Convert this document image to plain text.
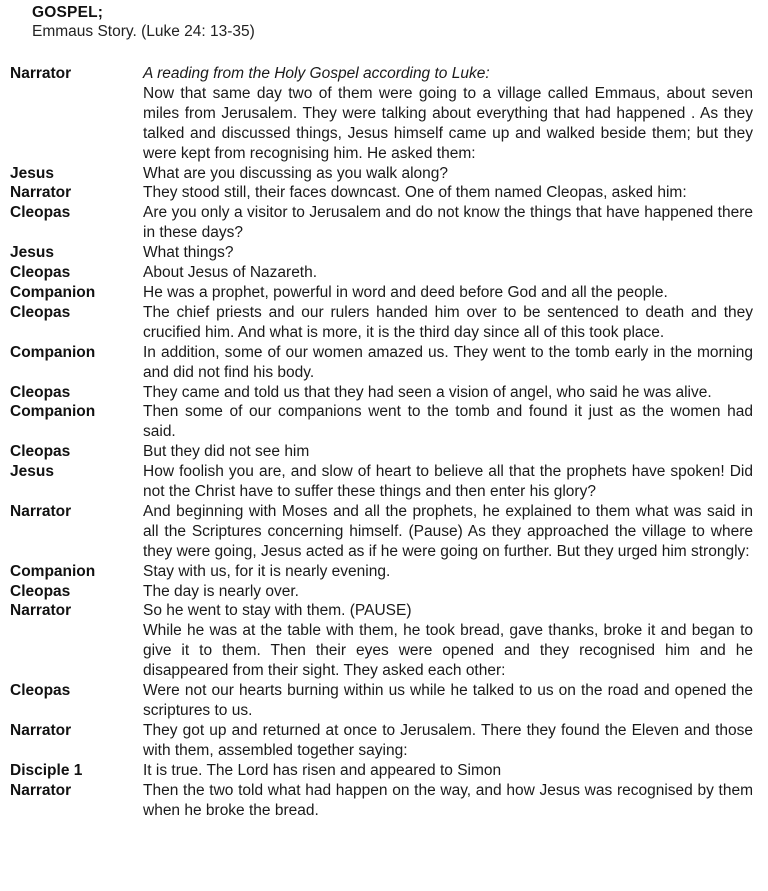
GOSPEL;
Emmaus Story. (Luke 24: 13-35)
Narrator	A reading from the Holy Gospel according to Luke:
Now that same day two of them were going to a village called Emmaus, about seven miles from Jerusalem. They were talking about everything that had happened . As they talked and discussed things, Jesus himself came up and walked beside them; but they were kept from recognising him. He asked them:
Jesus	What are you discussing as you walk along?
Narrator	They stood still, their faces downcast. One of them named Cleopas, asked him:
Cleopas	Are you only a visitor to Jerusalem and do not know the things that have happened there in these days?
Jesus	What things?
Cleopas	About Jesus of Nazareth.
Companion	He was a prophet, powerful in word and deed before God and all the people.
Cleopas	The chief priests and our rulers handed him over to be sentenced to death and they crucified him. And what is more, it is the third day since all of this took place.
Companion	In addition, some of our women amazed us. They went to the tomb early in the morning and did not find his body.
Cleopas	They came and told us that they had seen a vision of angel, who said he was alive.
Companion	Then some of our companions went to the tomb and found it just as the women had said.
Cleopas	But they did not see him
Jesus	How foolish you are, and slow of heart to believe all that the prophets have spoken! Did not the Christ have to suffer these things and then enter his glory?
Narrator	And beginning with Moses and all the prophets, he explained to them what was said in all the Scriptures concerning himself. (Pause) As they approached the village to where they were going, Jesus acted as if he were going on further. But they urged him strongly:
Companion	Stay with us, for it is nearly evening.
Cleopas	The day is nearly over.
Narrator	So he went to stay with them. (PAUSE)
While he was at the table with them, he took bread, gave thanks, broke it and began to give it to them. Then their eyes were opened and they recognised him and he disappeared from their sight. They asked each other:
Cleopas	Were not our hearts burning within us while he talked to us on the road and opened the scriptures to us.
Narrator	They got up and returned at once to Jerusalem. There they found the Eleven and those with them, assembled together saying:
Disciple 1	It is true. The Lord has risen and appeared to Simon
Narrator	Then the two told what had happen on the way, and how Jesus was recognised by them when he broke the bread.
